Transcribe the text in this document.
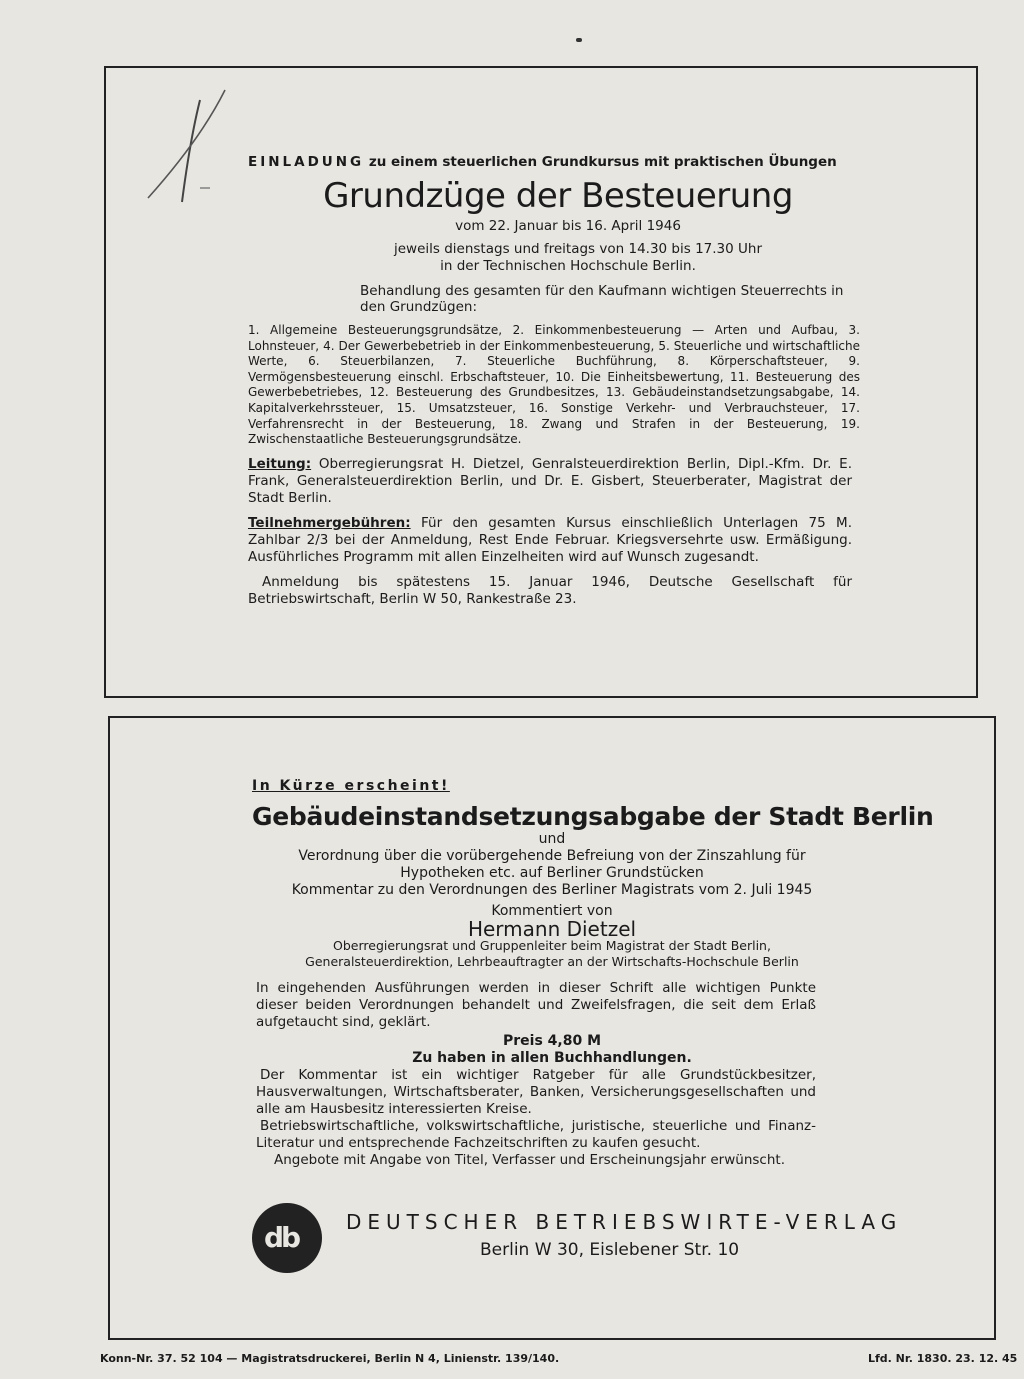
EINLADUNG zu einem steuerlichen Grundkursus mit praktischen Übungen
Grundzüge der Besteuerung
vom 22. Januar bis 16. April 1946
jeweils dienstags und freitags von 14.30 bis 17.30 Uhr
in der Technischen Hochschule Berlin.
Behandlung des gesamten für den Kaufmann wichtigen Steuerrechts in den Grundzügen:
1. Allgemeine Besteuerungsgrundsätze, 2. Einkommenbesteuerung — Arten und Aufbau, 3. Lohnsteuer, 4. Der Gewerbebetrieb in der Einkommenbesteuerung, 5. Steuerliche und wirtschaftliche Werte, 6. Steuerbilanzen, 7. Steuerliche Buchführung, 8. Körperschaftsteuer, 9. Vermögensbesteuerung einschl. Erbschaftsteuer, 10. Die Einheitsbewertung, 11. Besteuerung des Gewerbebetriebes, 12. Besteuerung des Grundbesitzes, 13. Gebäudeinstandsetzungsabgabe, 14. Kapitalverkehrssteuer, 15. Umsatzsteuer, 16. Sonstige Verkehr- und Verbrauchsteuer, 17. Verfahrensrecht in der Besteuerung, 18. Zwang und Strafen in der Besteuerung, 19. Zwischenstaatliche Besteuerungsgrundsätze.
Leitung: Oberregierungsrat H. Dietzel, Genralsteuerdirektion Berlin, Dipl.-Kfm. Dr. E. Frank, Generalsteuerdirektion Berlin, und Dr. E. Gisbert, Steuerberater, Magistrat der Stadt Berlin.
Teilnehmergebühren: Für den gesamten Kursus einschließlich Unterlagen 75 M. Zahlbar 2/3 bei der Anmeldung, Rest Ende Februar. Kriegsversehrte usw. Ermäßigung. Ausführliches Programm mit allen Einzelheiten wird auf Wunsch zugesandt.
Anmeldung bis spätestens 15. Januar 1946, Deutsche Gesellschaft für Betriebswirtschaft, Berlin W 50, Rankestraße 23.
In Kürze erscheint!
Gebäudeinstandsetzungsabgabe der Stadt Berlin
und
Verordnung über die vorübergehende Befreiung von der Zinszahlung für
Hypotheken etc. auf Berliner Grundstücken
Kommentar zu den Verordnungen des Berliner Magistrats vom 2. Juli 1945
Kommentiert von
Hermann Dietzel
Oberregierungsrat und Gruppenleiter beim Magistrat der Stadt Berlin,
Generalsteuerdirektion, Lehrbeauftragter an der Wirtschafts-Hochschule Berlin
In eingehenden Ausführungen werden in dieser Schrift alle wichtigen Punkte dieser beiden Verordnungen behandelt und Zweifelsfragen, die seit dem Erlaß aufgetaucht sind, geklärt.
Preis 4,80 M
Zu haben in allen Buchhandlungen.
Der Kommentar ist ein wichtiger Ratgeber für alle Grundstückbesitzer, Hausverwaltungen, Wirtschaftsberater, Banken, Versicherungsgesellschaften und alle am Hausbesitz interessierten Kreise.
Betriebswirtschaftliche, volkswirtschaftliche, juristische, steuerliche und Finanz-Literatur und entsprechende Fachzeitschriften zu kaufen gesucht.
Angebote mit Angabe von Titel, Verfasser und Erscheinungsjahr erwünscht.
db DEUTSCHER BETRIEBSWIRTE-VERLAG
Berlin W 30, Eislebener Str. 10
Konn-Nr. 37. 52 104 — Magistratsdruckerei, Berlin N 4, Linienstr. 139/140.	Lfd. Nr. 1830. 23. 12. 45
